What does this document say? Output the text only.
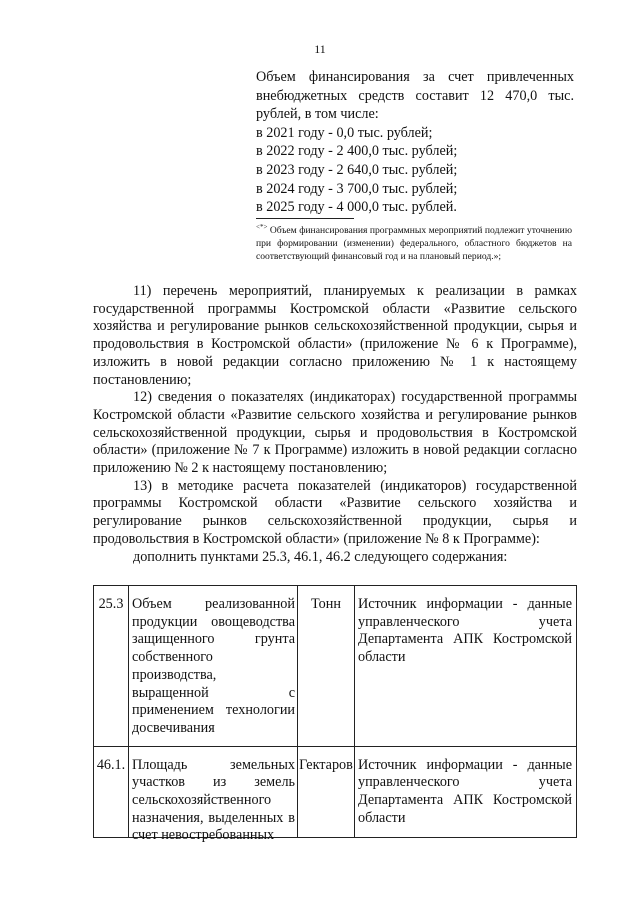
11
Объем финансирования за счет привлеченных внебюджетных средств составит 12 470,0 тыс. рублей, в том числе:
в 2021 году - 0,0 тыс. рублей;
в 2022 году - 2 400,0 тыс. рублей;
в 2023 году - 2 640,0 тыс. рублей;
в 2024 году - 3 700,0 тыс. рублей;
в 2025 году - 4 000,0 тыс. рублей.
<*> Объем финансирования программных мероприятий подлежит уточнению при формировании (изменении) федерального, областного бюджетов на соответствующий финансовый год и на плановый период.»;

11) перечень мероприятий, планируемых к реализации в рамках государственной программы Костромской области «Развитие сельского хозяйства и регулирование рынков сельскохозяйственной продукции, сырья и продовольствия в Костромской области» (приложение № 6 к Программе), изложить в новой редакции согласно приложению № 1 к настоящему постановлению;

12) сведения о показателях (индикаторах) государственной программы Костромской области «Развитие сельского хозяйства и регулирование рынков сельскохозяйственной продукции, сырья и продовольствия в Костромской области» (приложение № 7 к Программе) изложить в новой редакции согласно приложению № 2 к настоящему постановлению;

13) в методике расчета показателей (индикаторов) государственной программы Костромской области «Развитие сельского хозяйства и регулирование рынков сельскохозяйственной продукции, сырья и продовольствия в Костромской области» (приложение № 8 к Программе):

дополнить пунктами 25.3, 46.1, 46.2 следующего содержания:

25.3	Объем реализованной продукции овощеводства защищенного грунта собственного производства, выращенной с применением технологии досвечивания	Тонн	Источник информации - данные управленческого учета Департамента АПК Костромской области

46.1.	Площадь земельных участков из земель сельскохозяйственного назначения, выделенных в счет невостребованных	Гектаров	Источник информации - данные управленческого учета Департамента АПК Костромской области
